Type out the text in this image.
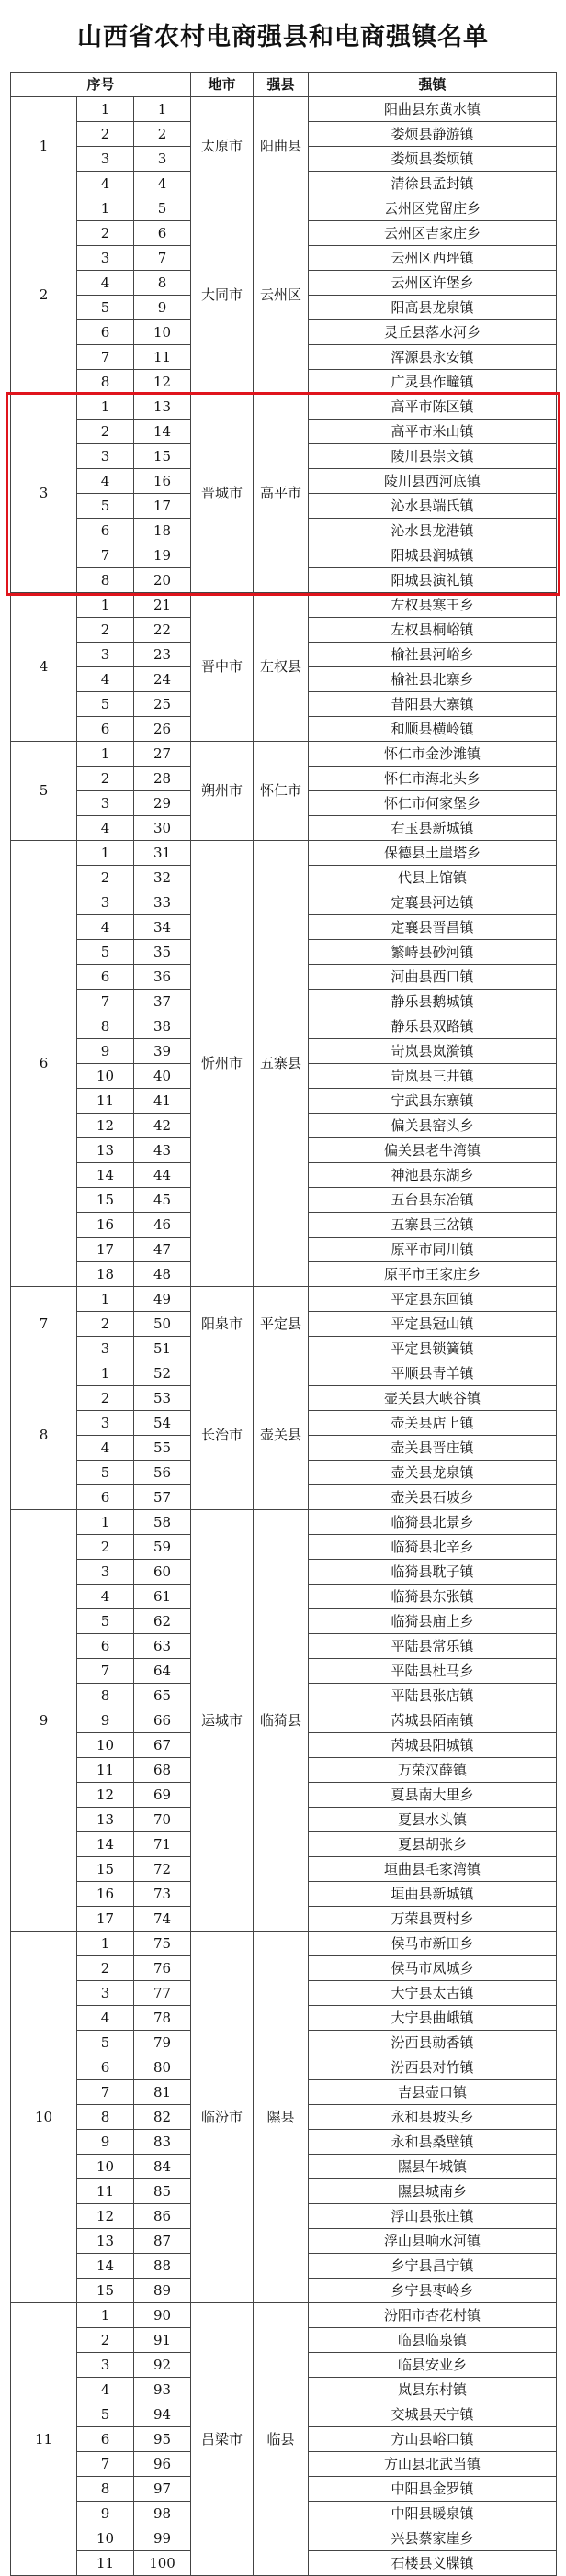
山西省农村电商强县和电商强镇名单
序号			地市	强县	强镇
1	1	1	太原市	阳曲县	阳曲县东黄水镇
	2	2			娄烦县静游镇
	3	3			娄烦县娄烦镇
	4	4			清徐县孟封镇
2	1	5	大同市	云州区	云州区党留庄乡
	2	6			云州区吉家庄乡
	3	7			云州区西坪镇
	4	8			云州区许堡乡
	5	9			阳高县龙泉镇
	6	10			灵丘县落水河乡
	7	11			浑源县永安镇
	8	12			广灵县作疃镇
3	1	13	晋城市	高平市	高平市陈区镇
	2	14			高平市米山镇
	3	15			陵川县崇文镇
	4	16			陵川县西河底镇
	5	17			沁水县端氏镇
	6	18			沁水县龙港镇
	7	19			阳城县润城镇
	8	20			阳城县演礼镇
4	1	21	晋中市	左权县	左权县寒王乡
	2	22			左权县桐峪镇
	3	23			榆社县河峪乡
	4	24			榆社县北寨乡
	5	25			昔阳县大寨镇
	6	26			和顺县横岭镇
5	1	27	朔州市	怀仁市	怀仁市金沙滩镇
	2	28			怀仁市海北头乡
	3	29			怀仁市何家堡乡
	4	30			右玉县新城镇
6	1	31	忻州市	五寨县	保德县土崖塔乡
	2	32			代县上馆镇
	3	33			定襄县河边镇
	4	34			定襄县晋昌镇
	5	35			繁峙县砂河镇
	6	36			河曲县西口镇
	7	37			静乐县鹅城镇
	8	38			静乐县双路镇
	9	39			岢岚县岚漪镇
	10	40			岢岚县三井镇
	11	41			宁武县东寨镇
	12	42			偏关县窑头乡
	13	43			偏关县老牛湾镇
	14	44			神池县东湖乡
	15	45			五台县东冶镇
	16	46			五寨县三岔镇
	17	47			原平市同川镇
	18	48			原平市王家庄乡
7	1	49	阳泉市	平定县	平定县东回镇
	2	50			平定县冠山镇
	3	51			平定县锁簧镇
8	1	52	长治市	壶关县	平顺县青羊镇
	2	53			壶关县大峡谷镇
	3	54			壶关县店上镇
	4	55			壶关县晋庄镇
	5	56			壶关县龙泉镇
	6	57			壶关县石坡乡
9	1	58	运城市	临猗县	临猗县北景乡
	2	59			临猗县北辛乡
	3	60			临猗县耽子镇
	4	61			临猗县东张镇
	5	62			临猗县庙上乡
	6	63			平陆县常乐镇
	7	64			平陆县杜马乡
	8	65			平陆县张店镇
	9	66			芮城县陌南镇
	10	67			芮城县阳城镇
	11	68			万荣汉薛镇
	12	69			夏县南大里乡
	13	70			夏县水头镇
	14	71			夏县胡张乡
	15	72			垣曲县毛家湾镇
	16	73			垣曲县新城镇
	17	74			万荣县贾村乡
10	1	75	临汾市	隰县	侯马市新田乡
	2	76			侯马市凤城乡
	3	77			大宁县太古镇
	4	78			大宁县曲峨镇
	5	79			汾西县勍香镇
	6	80			汾西县对竹镇
	7	81			吉县壶口镇
	8	82			永和县坡头乡
	9	83			永和县桑壁镇
	10	84			隰县午城镇
	11	85			隰县城南乡
	12	86			浮山县张庄镇
	13	87			浮山县响水河镇
	14	88			乡宁县昌宁镇
	15	89			乡宁县枣岭乡
11	1	90	吕梁市	临县	汾阳市杏花村镇
	2	91			临县临泉镇
	3	92			临县安业乡
	4	93			岚县东村镇
	5	94			交城县天宁镇
	6	95			方山县峪口镇
	7	96			方山县北武当镇
	8	97			中阳县金罗镇
	9	98			中阳县暖泉镇
	10	99			兴县蔡家崖乡
	11	100			石楼县义牒镇
